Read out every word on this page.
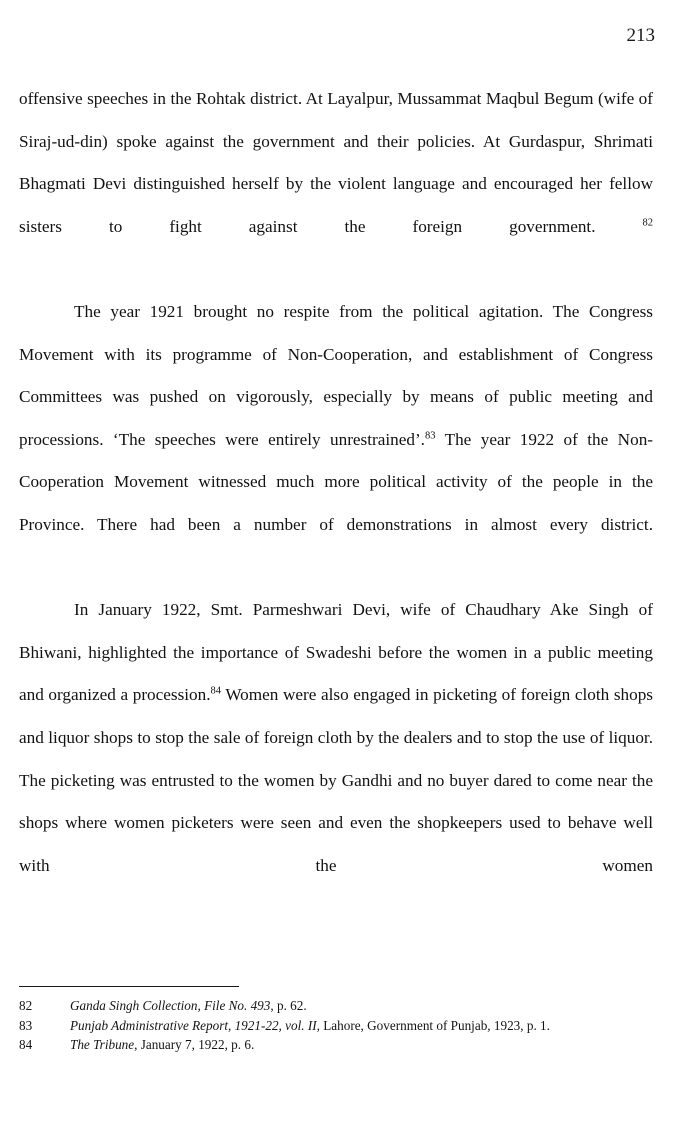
213

offensive speeches in the Rohtak district. At Layalpur, Mussammat Maqbul Begum (wife of Siraj-ud-din) spoke against the government and their policies. At Gurdaspur, Shrimati Bhagmati Devi distinguished herself by the violent language and encouraged her fellow sisters to fight against the foreign government. $^{82}$

The year 1921 brought no respite from the political agitation. The Congress Movement with its programme of Non-Cooperation, and establishment of Congress Committees was pushed on vigorously, especially by means of public meeting and processions. ‘The speeches were entirely unrestrained’.$^{83}$ The year 1922 of the Non-Cooperation Movement witnessed much more political activity of the people in the Province. There had been a number of demonstrations in almost every district.

In January 1922, Smt. Parmeshwari Devi, wife of Chaudhary Ake Singh of Bhiwani, highlighted the importance of Swadeshi before the women in a public meeting and organized a procession.$^{84}$ Women were also engaged in picketing of foreign cloth shops and liquor shops to stop the sale of foreign cloth by the dealers and to stop the use of liquor. The picketing was entrusted to the women by Gandhi and no buyer dared to come near the shops where women picketers were seen and even the shopkeepers used to behave well with the women

82	Ganda Singh Collection, File No. 493, p. 62.
83	Punjab Administrative Report, 1921-22, vol. II, Lahore, Government of Punjab, 1923, p. 1.
84	The Tribune, January 7, 1922, p. 6.
